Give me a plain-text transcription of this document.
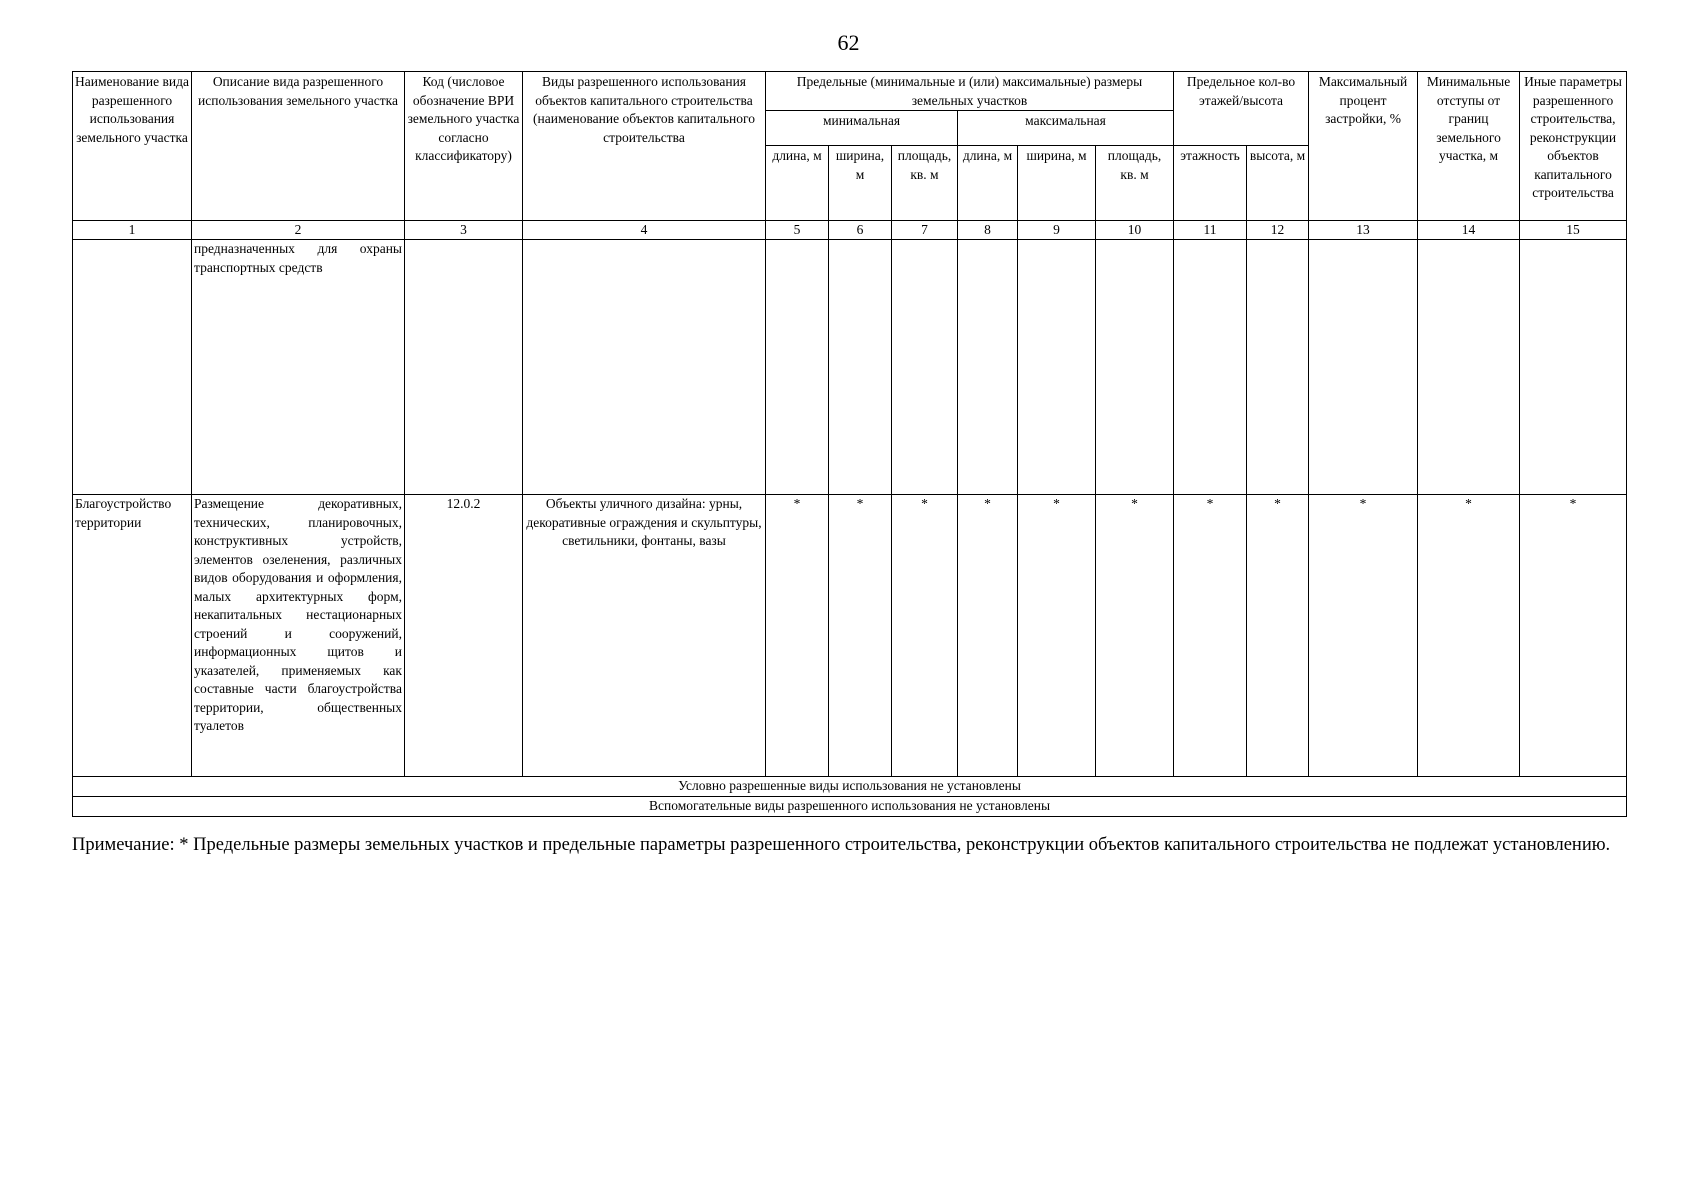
62
Наименование вида разрешенного использования земельного участка	Описание вида разрешенного использования земельного участка	Код (числовое обозначение ВРИ земельного участка согласно классификатору)	Виды разрешенного использования объектов капитального строительства (наименование объектов капитального строительства	Предельные (минимальные и (или) максимальные) размеры земельных участков						Предельное кол-во этажей/высота		Максимальный процент застройки, %	Минимальные отступы от границ земельного участка, м	Иные параметры разрешенного строительства, реконструкции объектов капитального строительства
				минимальная			максимальная							
				длина, м	ширина, м	площадь, кв. м	длина, м	ширина, м	площадь, кв. м	этажность	высота, м			
1	2	3	4	5	6	7	8	9	10	11	12	13	14	15
	предназначенных для охраны транспортных средств													
Благоустройство территории	Размещение декоративных, технических, планировочных, конструктивных устройств, элементов озеленения, различных видов оборудования и оформления, малых архитектурных форм, некапитальных нестационарных строений и сооружений, информационных щитов и указателей, применяемых как составные части благоустройства территории, общественных туалетов	12.0.2	Объекты уличного дизайна: урны, декоративные ограждения и скульптуры, светильники, фонтаны, вазы	*	*	*	*	*	*	*	*	*	*	*
Условно разрешенные виды использования не установлены														
Вспомогательные виды разрешенного использования не установлены														
Примечание: * Предельные размеры земельных участков и предельные параметры разрешенного строительства, реконструкции объектов капитального строительства не подлежат установлению.
